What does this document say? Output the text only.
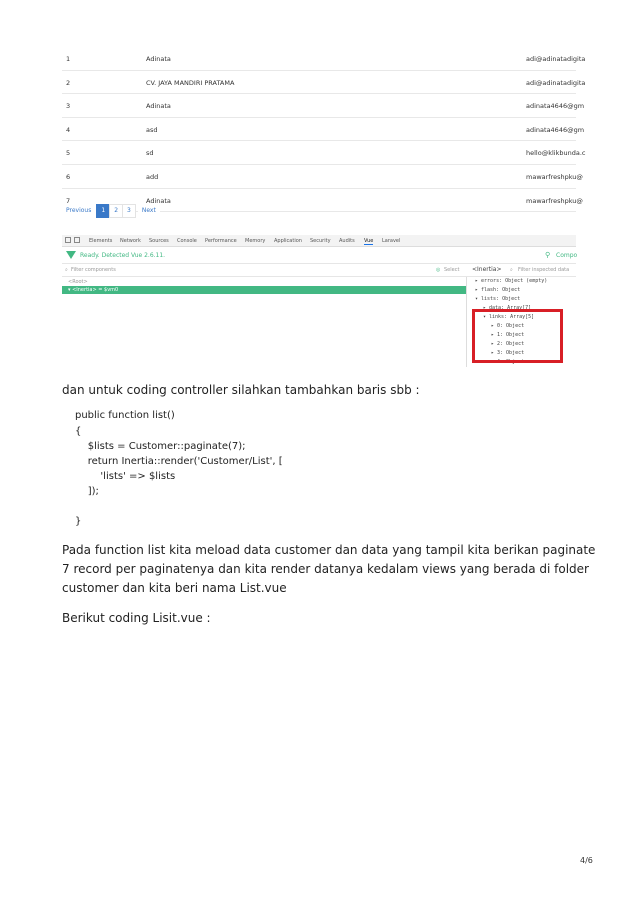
1	Adinata	adi@adinatadigita
2	CV. JAYA MANDIRI PRATAMA	adi@adinatadigita
3	Adinata	adinata4646@gm
4	asd	adinata4646@gm
5	sd	hello@klikbunda.c
6	add	mawarfreshpku@
7	Adinata	mawarfreshpku@
Previous	1	2	3	Next
Elements Network Sources Console Performance Memory Application Security Audits Vue Laravel
Ready. Detected Vue 2.6.11.	⚲ Compo
⌕ Filter components	◎ Select <Inertia> ⌕ Filter inspected data
<Root>
▾ <Inertia> = $vm0
▸ errors: Object (empty)
▸ flash: Object
▾ lists: Object
▸ data: Array[7]
▾ links: Array[5]
▸ 0: Object
▸ 1: Object
▸ 2: Object
▸ 3: Object
▸ 4: Object
dan untuk coding controller silahkan tambahkan baris sbb :
public function list()
{
$lists = Customer::paginate(7);
return Inertia::render('Customer/List', [
'lists' => $lists
]);
}
Pada function list kita meload data customer dan data yang tampil kita berikan paginate
7 record per paginatenya dan kita render datanya kedalam views yang berada di folder
customer dan kita beri nama List.vue
Berikut coding Lisit.vue :
4/6
